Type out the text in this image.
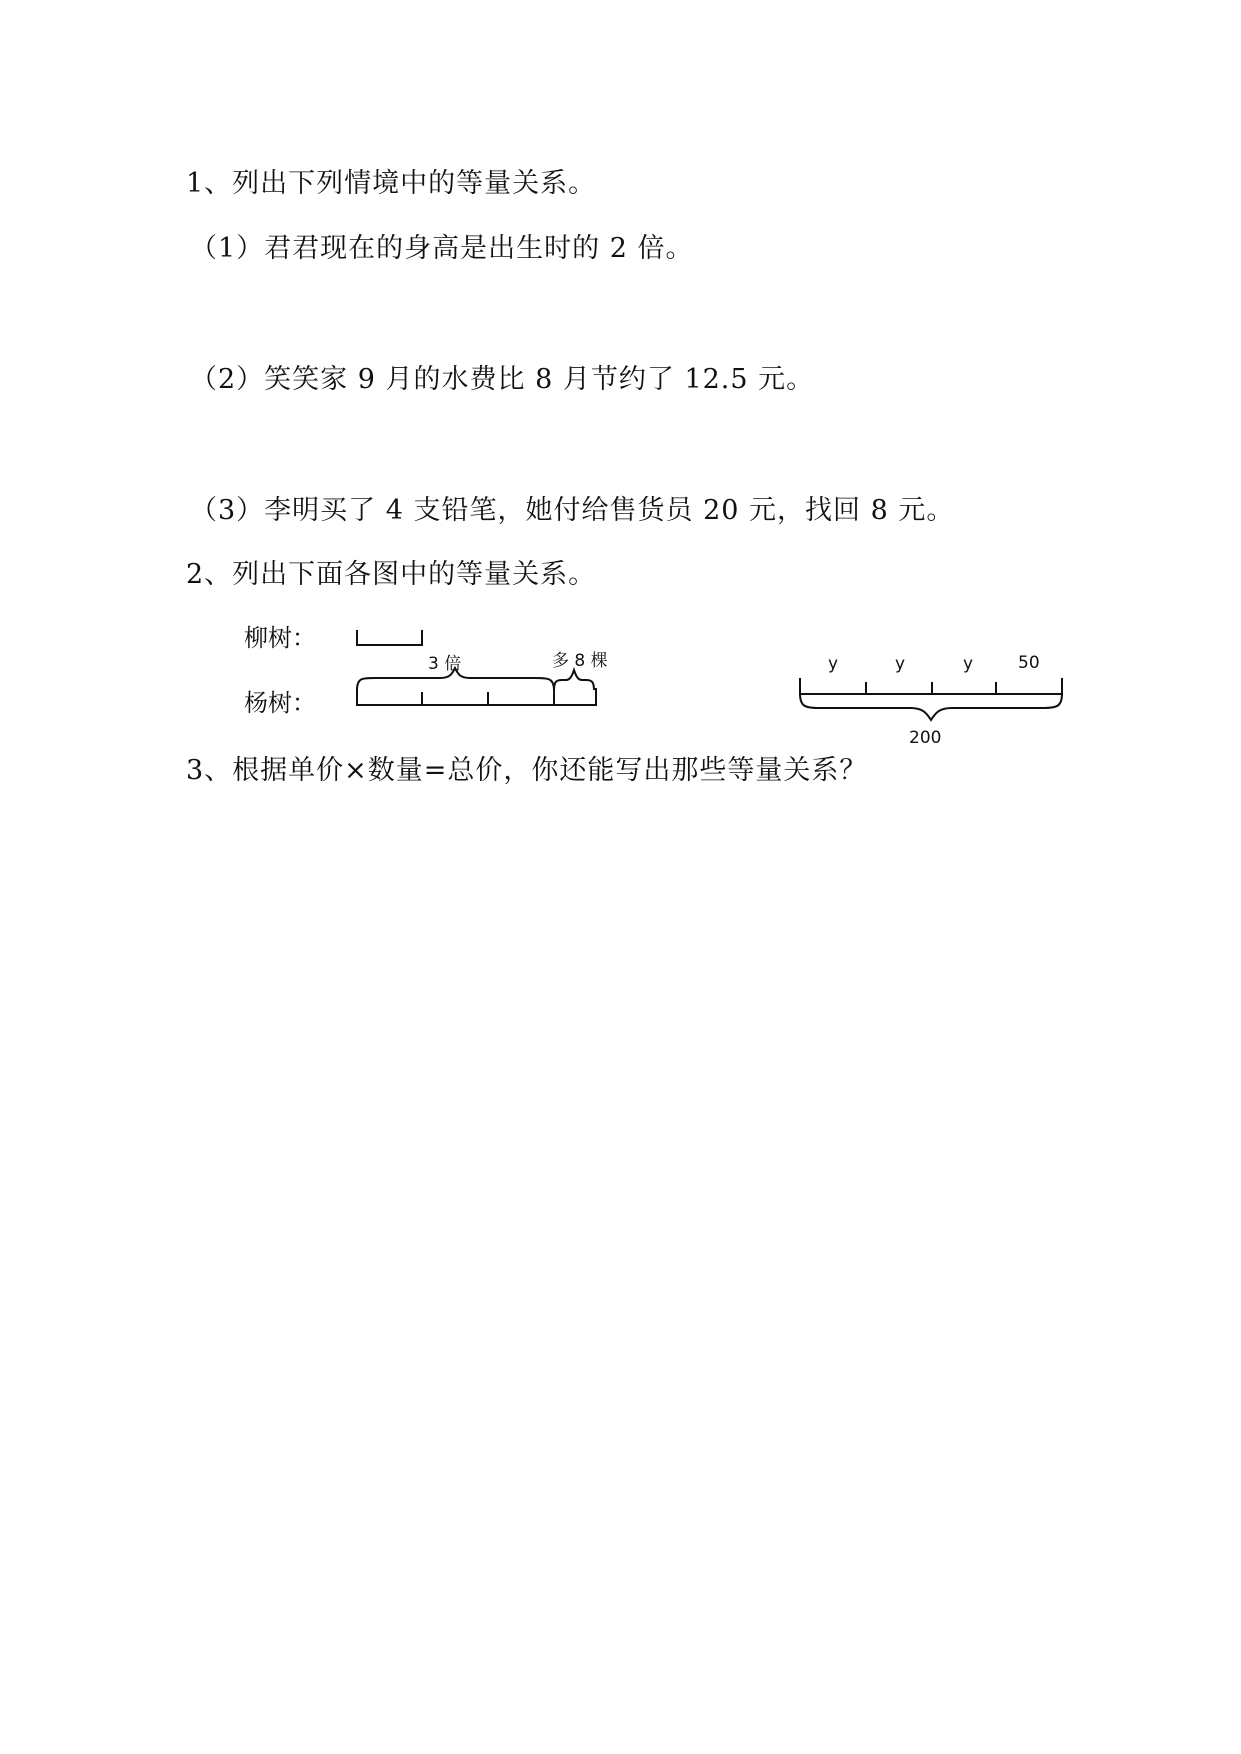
1、列出下列情境中的等量关系。
（1）君君现在的身高是出生时的 2 倍。
（2）笑笑家 9 月的水费比 8 月节约了 12.5 元。
（3）李明买了 4 支铅笔，她付给售货员 20 元，找回 8 元。
2、列出下面各图中的等量关系。
柳树：
杨树：
3 倍	多 8 棵	y	y	y	50
200
3、根据单价×数量=总价，你还能写出那些等量关系？
